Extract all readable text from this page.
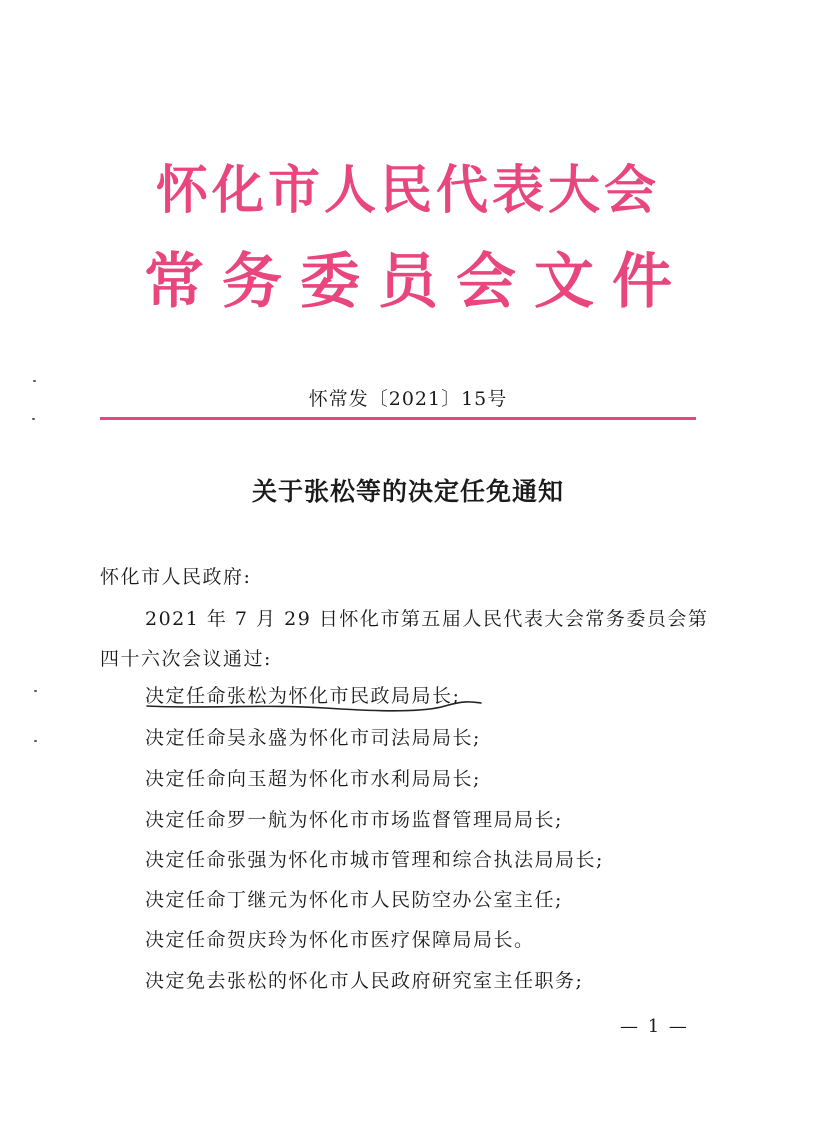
怀化市人民代表大会
常务委员会文件
怀常发〔2021〕15号
关于张松等的决定任免通知
怀化市人民政府:
2021 年 7 月 29 日怀化市第五届人民代表大会常务委员会第
四十六次会议通过:
决定任命张松为怀化市民政局局长;
决定任命吴永盛为怀化市司法局局长;
决定任命向玉超为怀化市水利局局长;
决定任命罗一航为怀化市市场监督管理局局长;
决定任命张强为怀化市城市管理和综合执法局局长;
决定任命丁继元为怀化市人民防空办公室主任;
决定任命贺庆玲为怀化市医疗保障局局长。
决定免去张松的怀化市人民政府研究室主任职务;
— 1 —
